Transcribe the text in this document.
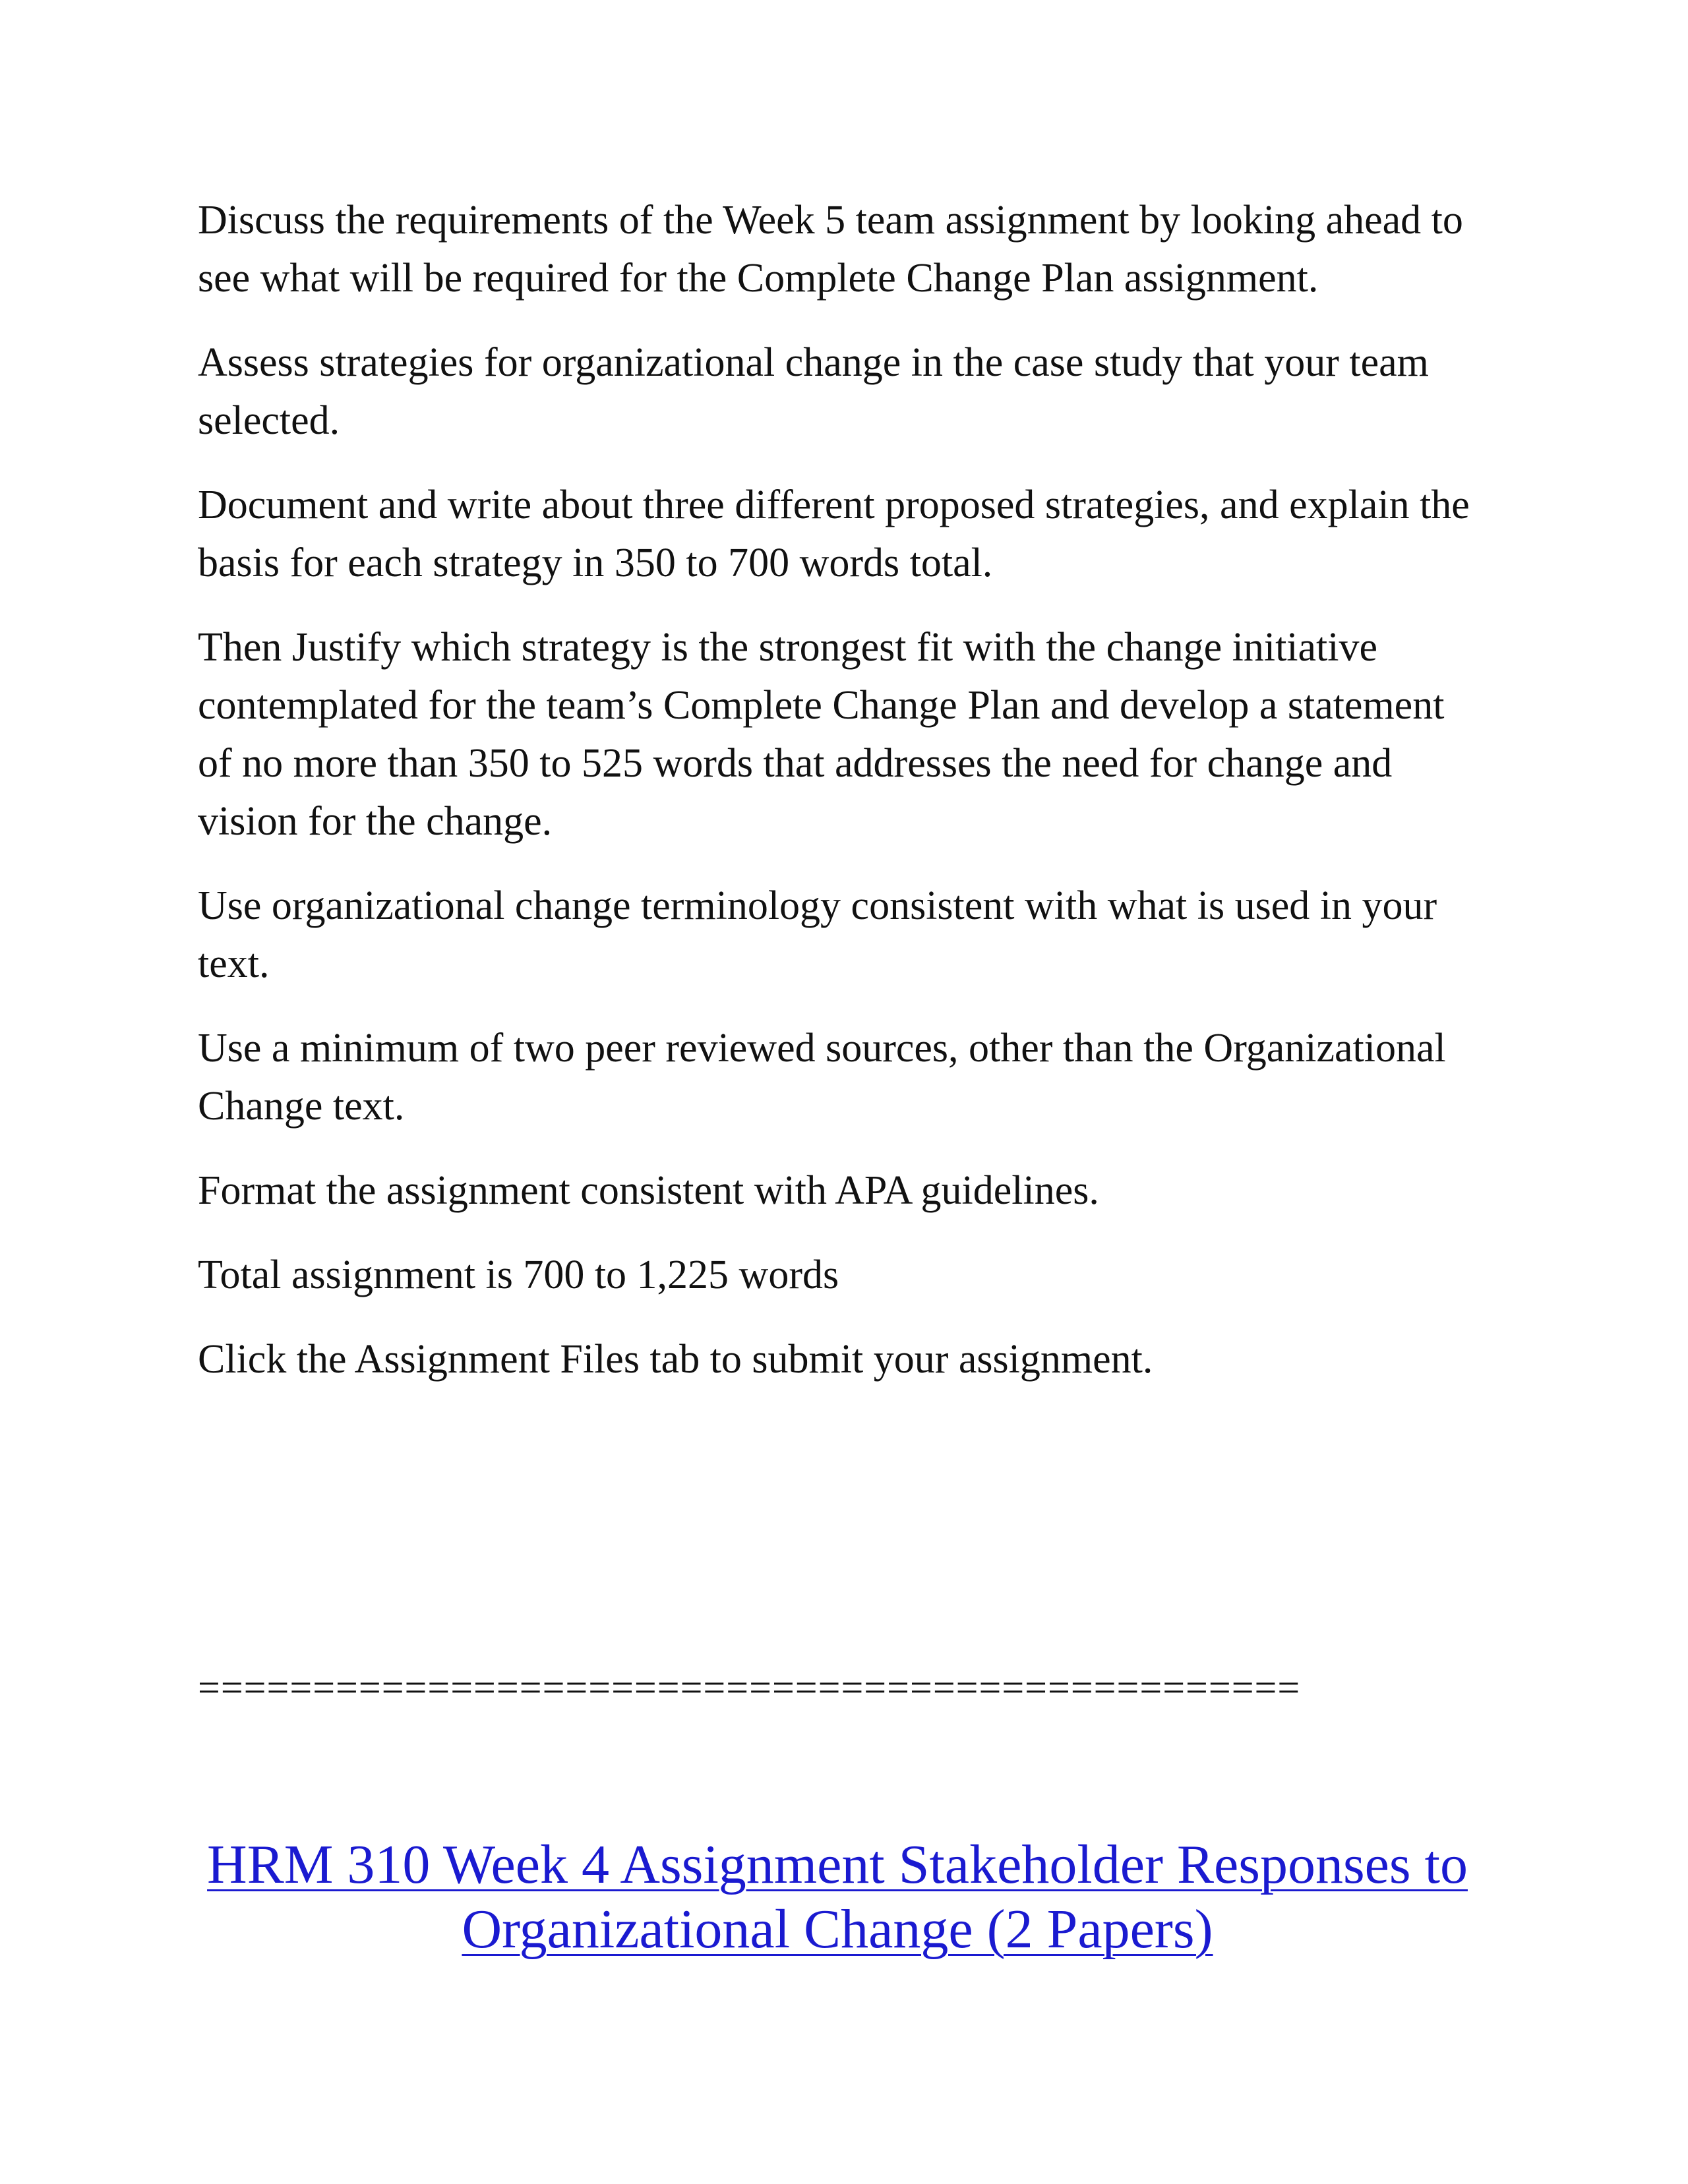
Discuss the requirements of the Week 5 team assignment by looking ahead to see what will be required for the Complete Change Plan assignment.

Assess strategies for organizational change in the case study that your team selected.

Document and write about three different proposed strategies, and explain the basis for each strategy in 350 to 700 words total.

Then Justify which strategy is the strongest fit with the change initiative contemplated for the team’s Complete Change Plan and develop a statement of no more than 350 to 525 words that addresses the need for change and vision for the change.

Use organizational change terminology consistent with what is used in your text.

Use a minimum of two peer reviewed sources, other than the Organizational Change text.

Format the assignment consistent with APA guidelines.

Total assignment is 700 to 1,225 words

Click the Assignment Files tab to submit your assignment.

================================================
HRM 310 Week 4 Assignment Stakeholder Responses to Organizational Change (2 Papers)
